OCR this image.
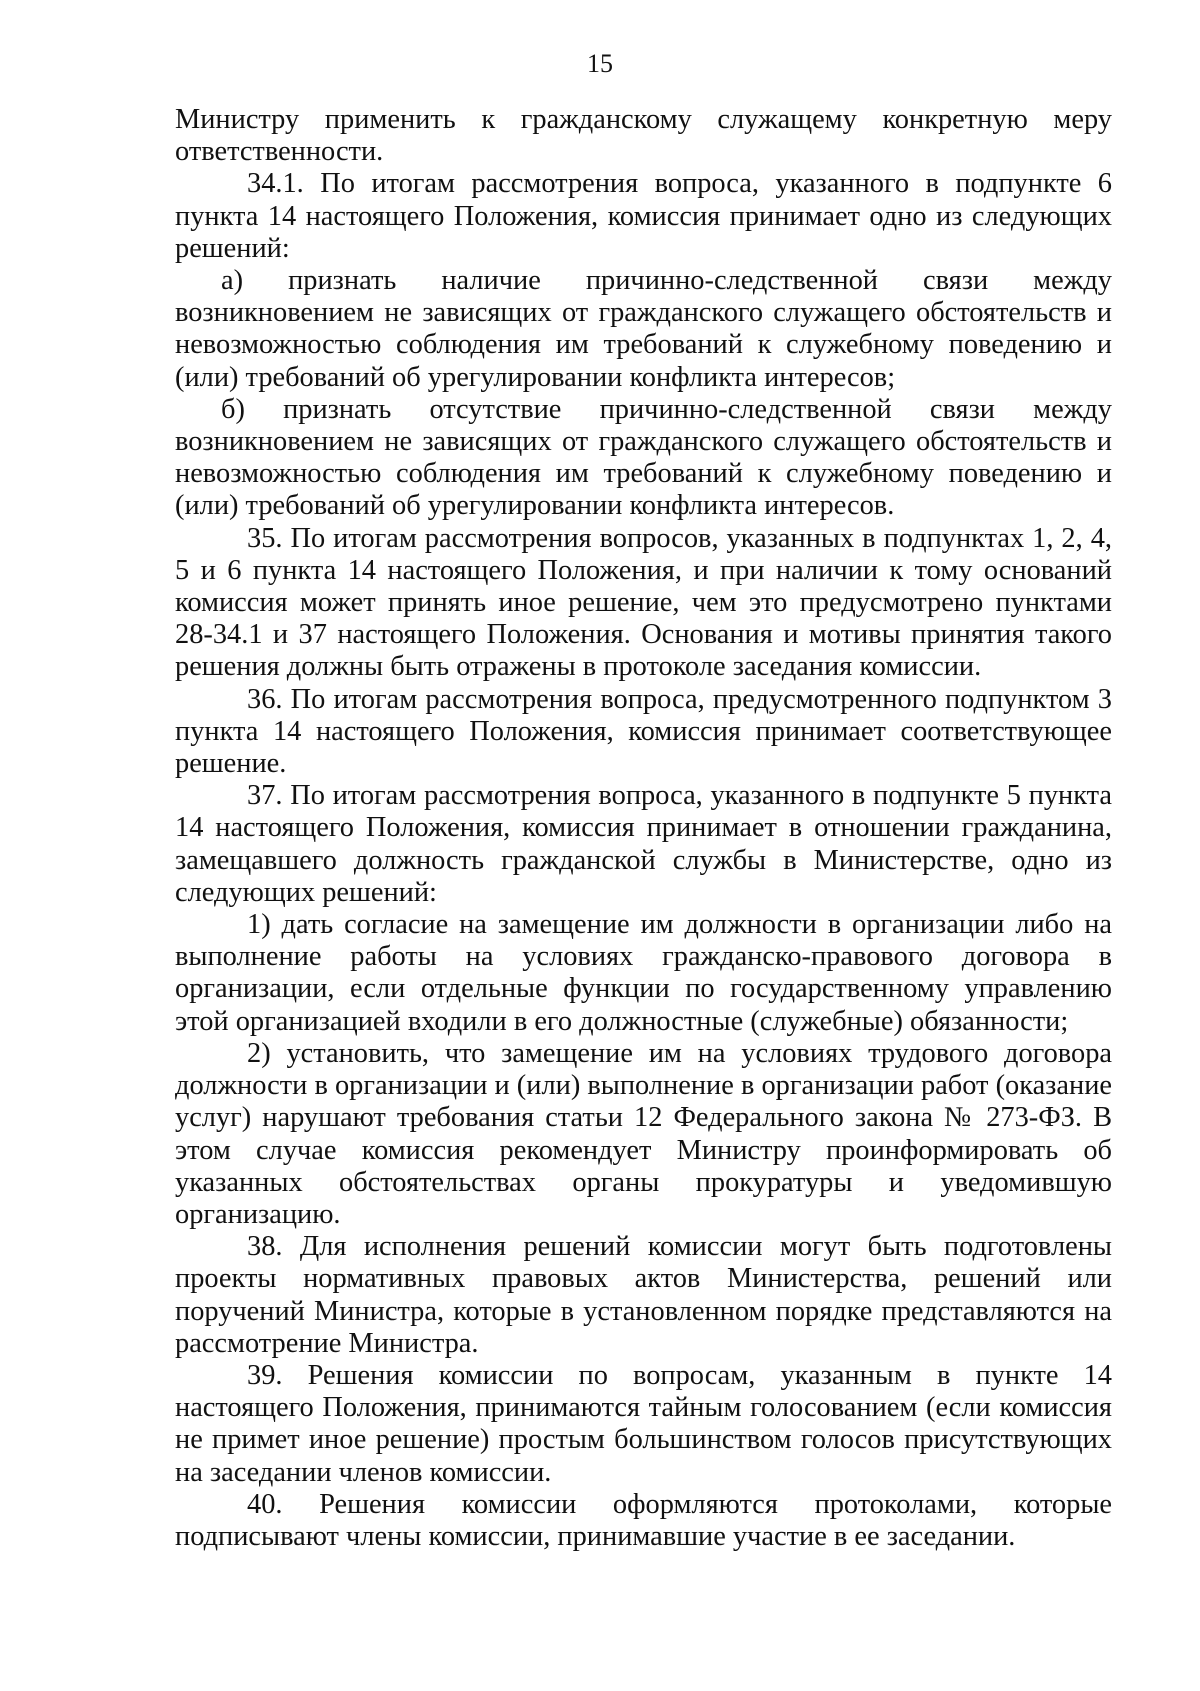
15

Министру применить к гражданскому служащему конкретную меру ответственности.

34.1. По итогам рассмотрения вопроса, указанного в подпункте 6 пункта 14 настоящего Положения, комиссия принимает одно из следующих решений:

а) признать наличие причинно-следственной связи между возникновением не зависящих от гражданского служащего обстоятельств и невозможностью соблюдения им требований к служебному поведению и (или) требований об урегулировании конфликта интересов;

б) признать отсутствие причинно-следственной связи между возникновением не зависящих от гражданского служащего обстоятельств и невозможностью соблюдения им требований к служебному поведению и (или) требований об урегулировании конфликта интересов.

35. По итогам рассмотрения вопросов, указанных в подпунктах 1, 2, 4, 5 и 6 пункта 14 настоящего Положения, и при наличии к тому оснований комиссия может принять иное решение, чем это предусмотрено пунктами 28-34.1 и 37 настоящего Положения. Основания и мотивы принятия такого решения должны быть отражены в протоколе заседания комиссии.

36. По итогам рассмотрения вопроса, предусмотренного подпунктом 3 пункта 14 настоящего Положения, комиссия принимает соответствующее решение.

37. По итогам рассмотрения вопроса, указанного в подпункте 5 пункта 14 настоящего Положения, комиссия принимает в отношении гражданина, замещавшего должность гражданской службы в Министерстве, одно из следующих решений:

1) дать согласие на замещение им должности в организации либо на выполнение работы на условиях гражданско-правового договора в организации, если отдельные функции по государственному управлению этой организацией входили в его должностные (служебные) обязанности;

2) установить, что замещение им на условиях трудового договора должности в организации и (или) выполнение в организации работ (оказание услуг) нарушают требования статьи 12 Федерального закона № 273-ФЗ. В этом случае комиссия рекомендует Министру проинформировать об указанных обстоятельствах органы прокуратуры и уведомившую организацию.

38. Для исполнения решений комиссии могут быть подготовлены проекты нормативных правовых актов Министерства, решений или поручений Министра, которые в установленном порядке представляются на рассмотрение Министра.

39. Решения комиссии по вопросам, указанным в пункте 14 настоящего Положения, принимаются тайным голосованием (если комиссия не примет иное решение) простым большинством голосов присутствующих на заседании членов комиссии.

40. Решения комиссии оформляются протоколами, которые подписывают члены комиссии, принимавшие участие в ее заседании.
